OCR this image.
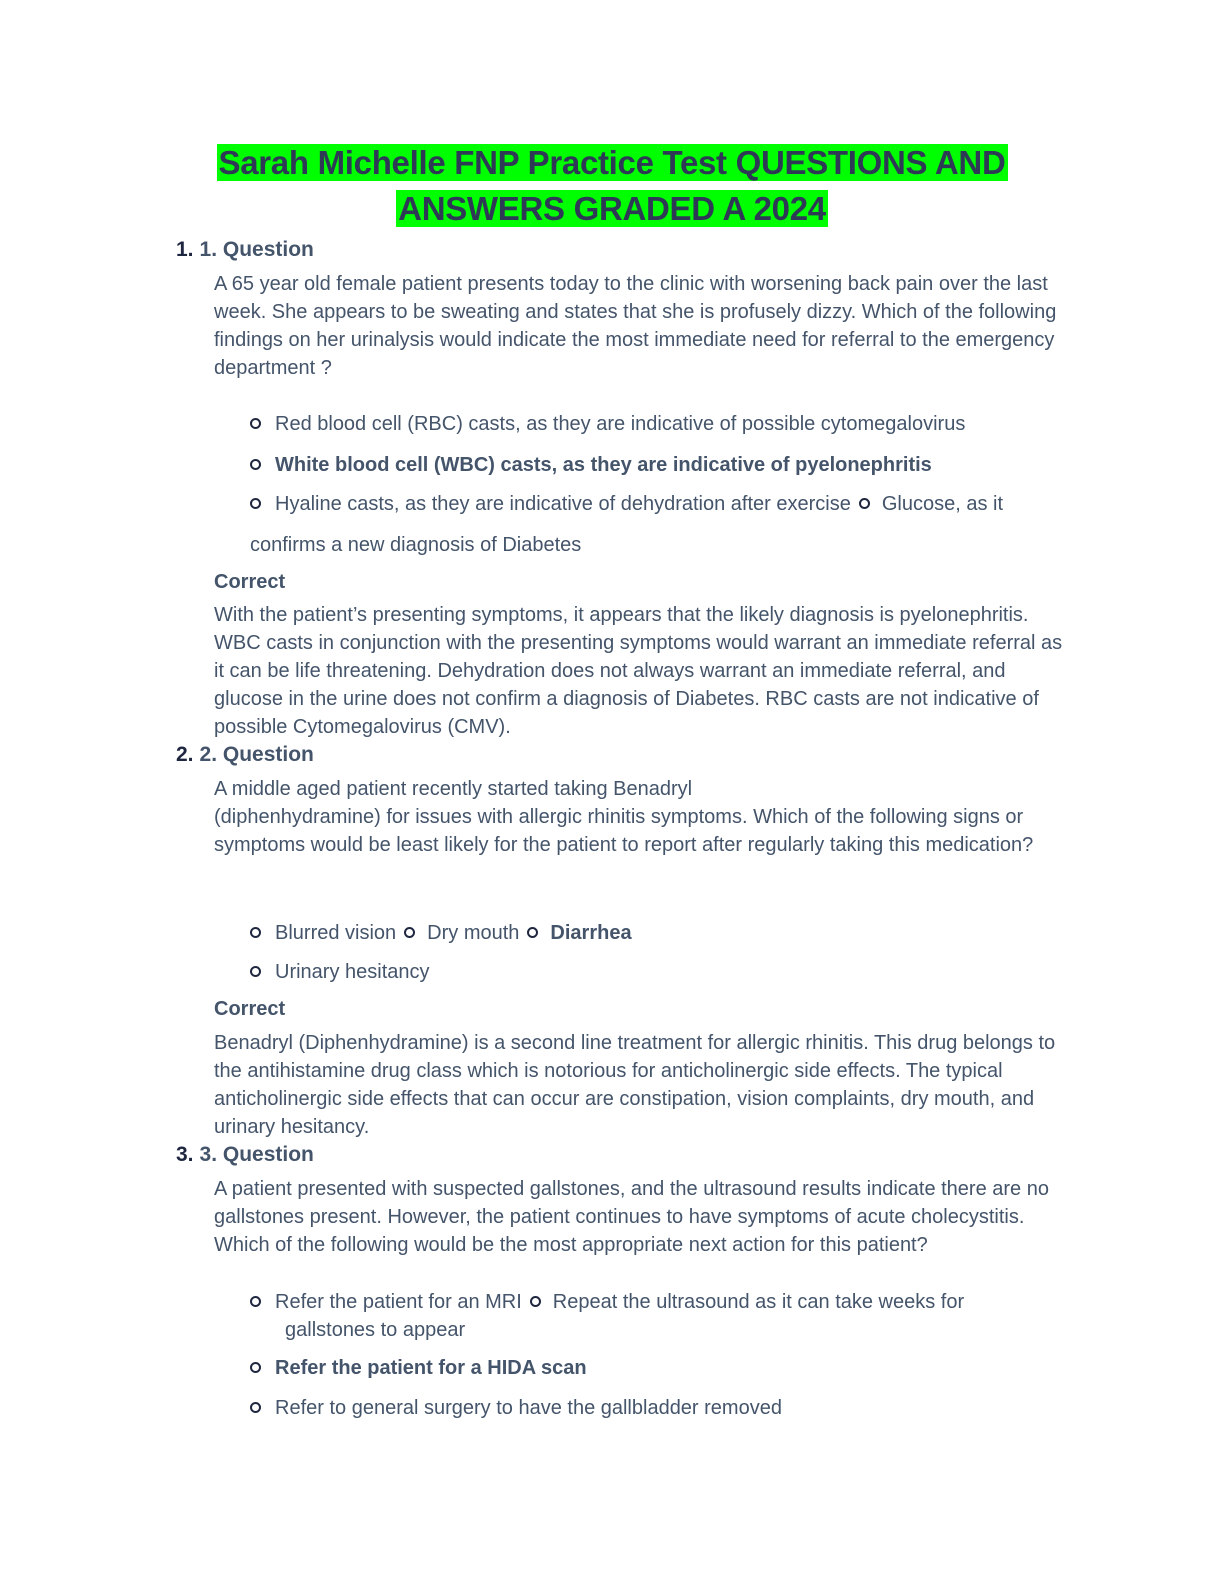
Sarah Michelle FNP Practice Test QUESTIONS AND
ANSWERS GRADED A 2024
1. 1. Question
A 65 year old female patient presents today to the clinic with worsening back pain over the last week. She appears to be sweating and states that she is profusely dizzy. Which of the following findings on her urinalysis would indicate the most immediate need for referral to the emergency department ?
Red blood cell (RBC) casts, as they are indicative of possible cytomegalovirus
White blood cell (WBC) casts, as they are indicative of pyelonephritis
Hyaline casts, as they are indicative of dehydration after exercise Glucose, as it
confirms a new diagnosis of Diabetes
Correct
With the patient’s presenting symptoms, it appears that the likely diagnosis is pyelonephritis. WBC casts in conjunction with the presenting symptoms would warrant an immediate referral as it can be life threatening. Dehydration does not always warrant an immediate referral, and glucose in the urine does not confirm a diagnosis of Diabetes. RBC casts are not indicative of possible Cytomegalovirus (CMV).
2. 2. Question
A middle aged patient recently started taking Benadryl
(diphenhydramine) for issues with allergic rhinitis symptoms. Which of the following signs or symptoms would be least likely for the patient to report after regularly taking this medication?
Blurred vision Dry mouth Diarrhea
Urinary hesitancy
Correct
Benadryl (Diphenhydramine) is a second line treatment for allergic rhinitis. This drug belongs to the antihistamine drug class which is notorious for anticholinergic side effects. The typical anticholinergic side effects that can occur are constipation, vision complaints, dry mouth, and urinary hesitancy.
3. 3. Question
A patient presented with suspected gallstones, and the ultrasound results indicate there are no gallstones present. However, the patient continues to have symptoms of acute cholecystitis. Which of the following would be the most appropriate next action for this patient?
Refer the patient for an MRI Repeat the ultrasound as it can take weeks for
gallstones to appear
Refer the patient for a HIDA scan
Refer to general surgery to have the gallbladder removed
